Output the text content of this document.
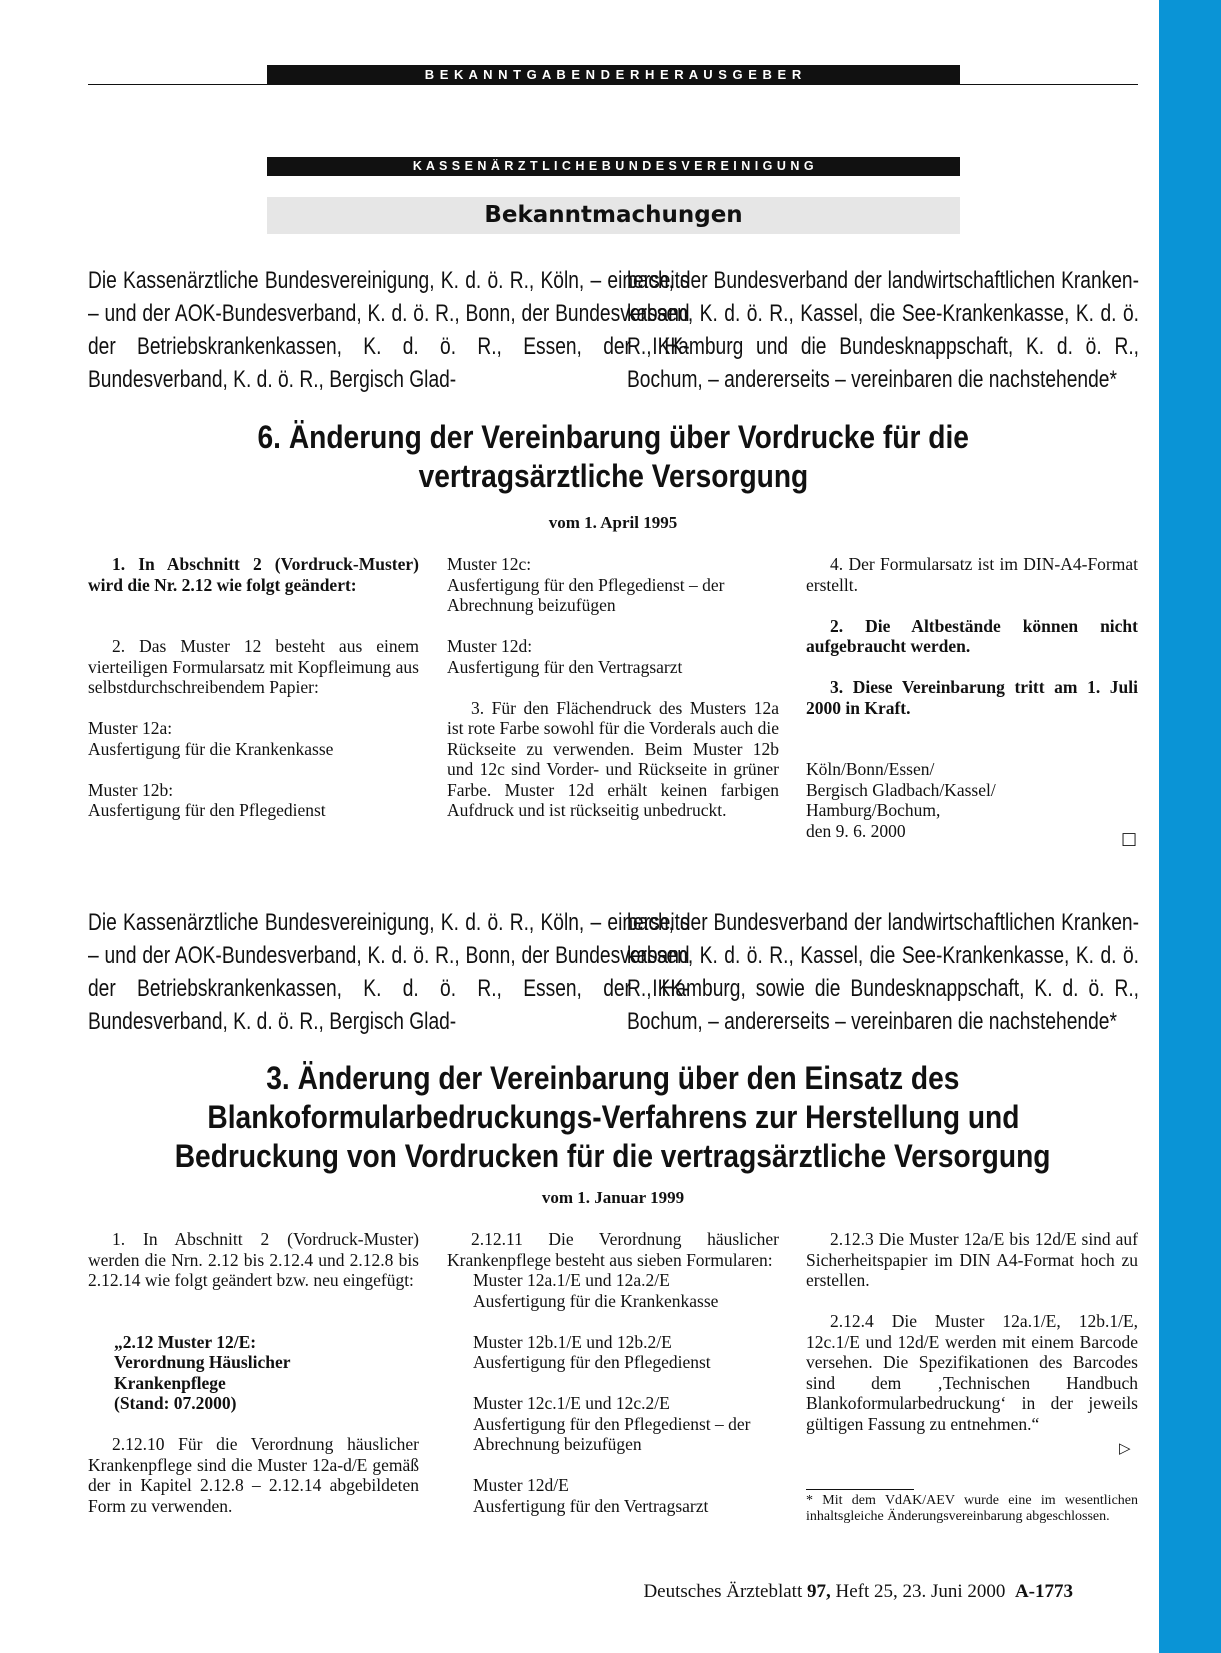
B E K A N N T G A B E N D E R H E R A U S G E B E R
K A S S E N Ä R Z T L I C H E B U N D E S V E R E I N I G U N G
Bekanntmachungen

Die Kassenärztliche Bundesvereinigung, K. d. ö. R., Köln, – einerseits – und der AOK-Bundesverband, K. d. ö. R., Bonn, der Bundesverband der Betriebskrankenkassen, K. d. ö. R., Essen, der IKK-Bundesverband, K. d. ö. R., Bergisch Glad-

bach, der Bundesverband der landwirtschaftlichen Kranken-kassen, K. d. ö. R., Kassel, die See-Krankenkasse, K. d. ö. R., Hamburg und die Bundesknappschaft, K. d. ö. R., Bochum, – andererseits – vereinbaren die nachstehende*

6. Änderung der Vereinbarung über Vordrucke für die
vertragsärztliche Versorgung
vom 1. April 1995

1. In Abschnitt 2 (Vordruck-Muster) wird die Nr. 2.12 wie folgt geändert:

2. Das Muster 12 besteht aus einem vierteiligen Formularsatz mit Kopfleimung aus selbstdurchschreibendem Papier:

Muster 12a:
Ausfertigung für die Krankenkasse

Muster 12b:
Ausfertigung für den Pflegedienst

Muster 12c:
Ausfertigung für den Pflegedienst – der Abrechnung beizufügen

Muster 12d:
Ausfertigung für den Vertragsarzt

3. Für den Flächendruck des Musters 12a ist rote Farbe sowohl für die Vorderals auch die Rückseite zu verwenden. Beim Muster 12b und 12c sind Vorder- und Rückseite in grüner Farbe. Muster 12d erhält keinen farbigen Aufdruck und ist rückseitig unbedruckt.

4. Der Formularsatz ist im DIN-A4-Format erstellt.

2. Die Altbestände können nicht aufgebraucht werden.

3. Diese Vereinbarung tritt am 1. Juli 2000 in Kraft.

Köln/Bonn/Essen/
Bergisch Gladbach/Kassel/
Hamburg/Bochum,
den 9. 6. 2000	□

Die Kassenärztliche Bundesvereinigung, K. d. ö. R., Köln, – einerseits – und der AOK-Bundesverband, K. d. ö. R., Bonn, der Bundesverband der Betriebskrankenkassen, K. d. ö. R., Essen, der IKK-Bundesverband, K. d. ö. R., Bergisch Glad-

bach, der Bundesverband der landwirtschaftlichen Kranken-kassen, K. d. ö. R., Kassel, die See-Krankenkasse, K. d. ö. R., Hamburg, sowie die Bundesknappschaft, K. d. ö. R., Bochum, – andererseits – vereinbaren die nachstehende*

3. Änderung der Vereinbarung über den Einsatz des
Blankoformularbedruckungs-Verfahrens zur Herstellung und
Bedruckung von Vordrucken für die vertragsärztliche Versorgung
vom 1. Januar 1999

1. In Abschnitt 2 (Vordruck-Muster) werden die Nrn. 2.12 bis 2.12.4 und 2.12.8 bis 2.12.14 wie folgt geändert bzw. neu eingefügt:

„2.12 Muster 12/E:
Verordnung Häuslicher
Krankenpflege
(Stand: 07.2000)

2.12.10 Für die Verordnung häuslicher Krankenpflege sind die Muster 12a-d/E gemäß der in Kapitel 2.12.8 – 2.12.14 abgebildeten Form zu verwenden.

2.12.11 Die Verordnung häuslicher Krankenpflege besteht aus sieben Formularen:

Muster 12a.1/E und 12a.2/E
Ausfertigung für die Krankenkasse

Muster 12b.1/E und 12b.2/E
Ausfertigung für den Pflegedienst

Muster 12c.1/E und 12c.2/E
Ausfertigung für den Pflegedienst – der Abrechnung beizufügen

Muster 12d/E
Ausfertigung für den Vertragsarzt

2.12.3 Die Muster 12a/E bis 12d/E sind auf Sicherheitspapier im DIN A4-Format hoch zu erstellen.

2.12.4 Die Muster 12a.1/E, 12b.1/E, 12c.1/E und 12d/E werden mit einem Barcode versehen. Die Spezifikationen des Barcodes sind dem ‚Technischen Handbuch Blankoformularbedruckung‘ in der jeweils gültigen Fassung zu entnehmen.“

▷
* Mit dem VdAK/AEV wurde eine im wesentlichen inhaltsgleiche Änderungsvereinbarung abgeschlossen.
Deutsches Ärzteblatt 97, Heft 25, 23. Juni 2000 A-1773
